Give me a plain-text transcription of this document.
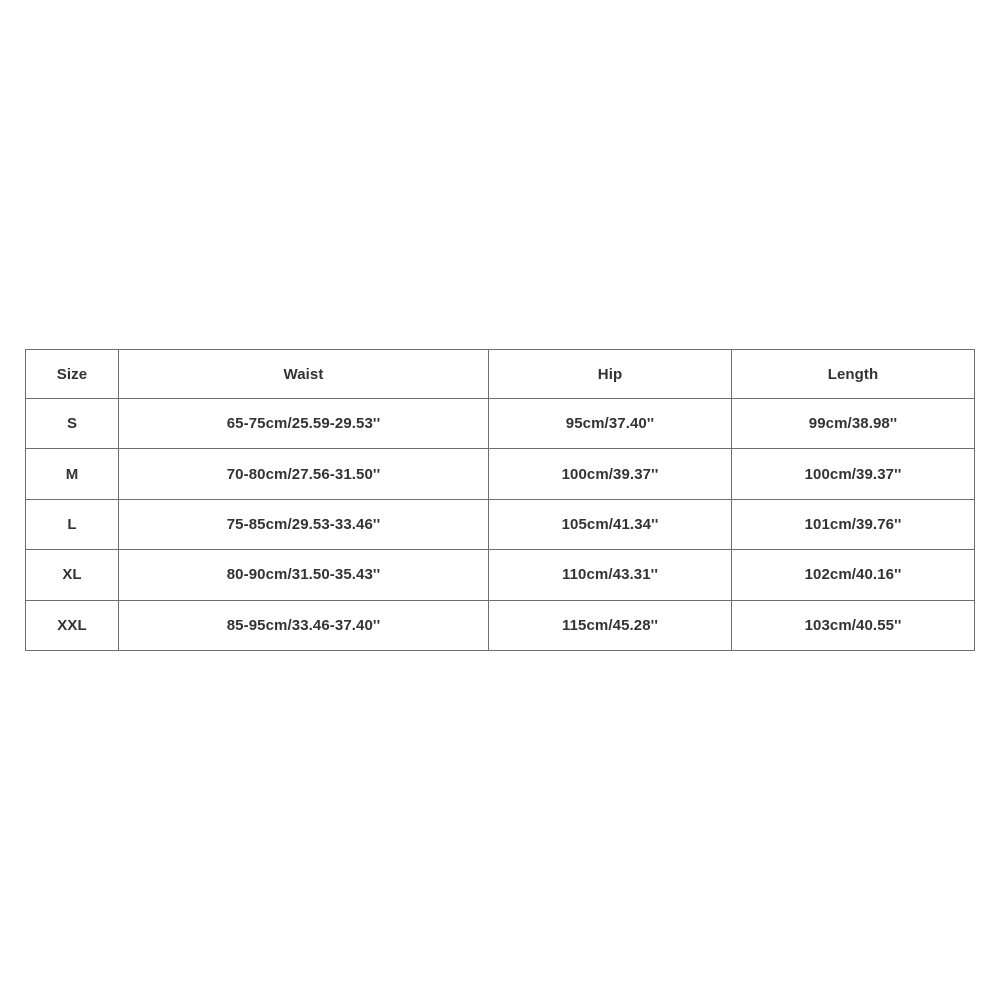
Size	Waist	Hip	Length
S	65-75cm/25.59-29.53''	95cm/37.40''	99cm/38.98''
M	70-80cm/27.56-31.50''	100cm/39.37''	100cm/39.37''
L	75-85cm/29.53-33.46''	105cm/41.34''	101cm/39.76''
XL	80-90cm/31.50-35.43''	110cm/43.31''	102cm/40.16''
XXL	85-95cm/33.46-37.40''	115cm/45.28''	103cm/40.55''
